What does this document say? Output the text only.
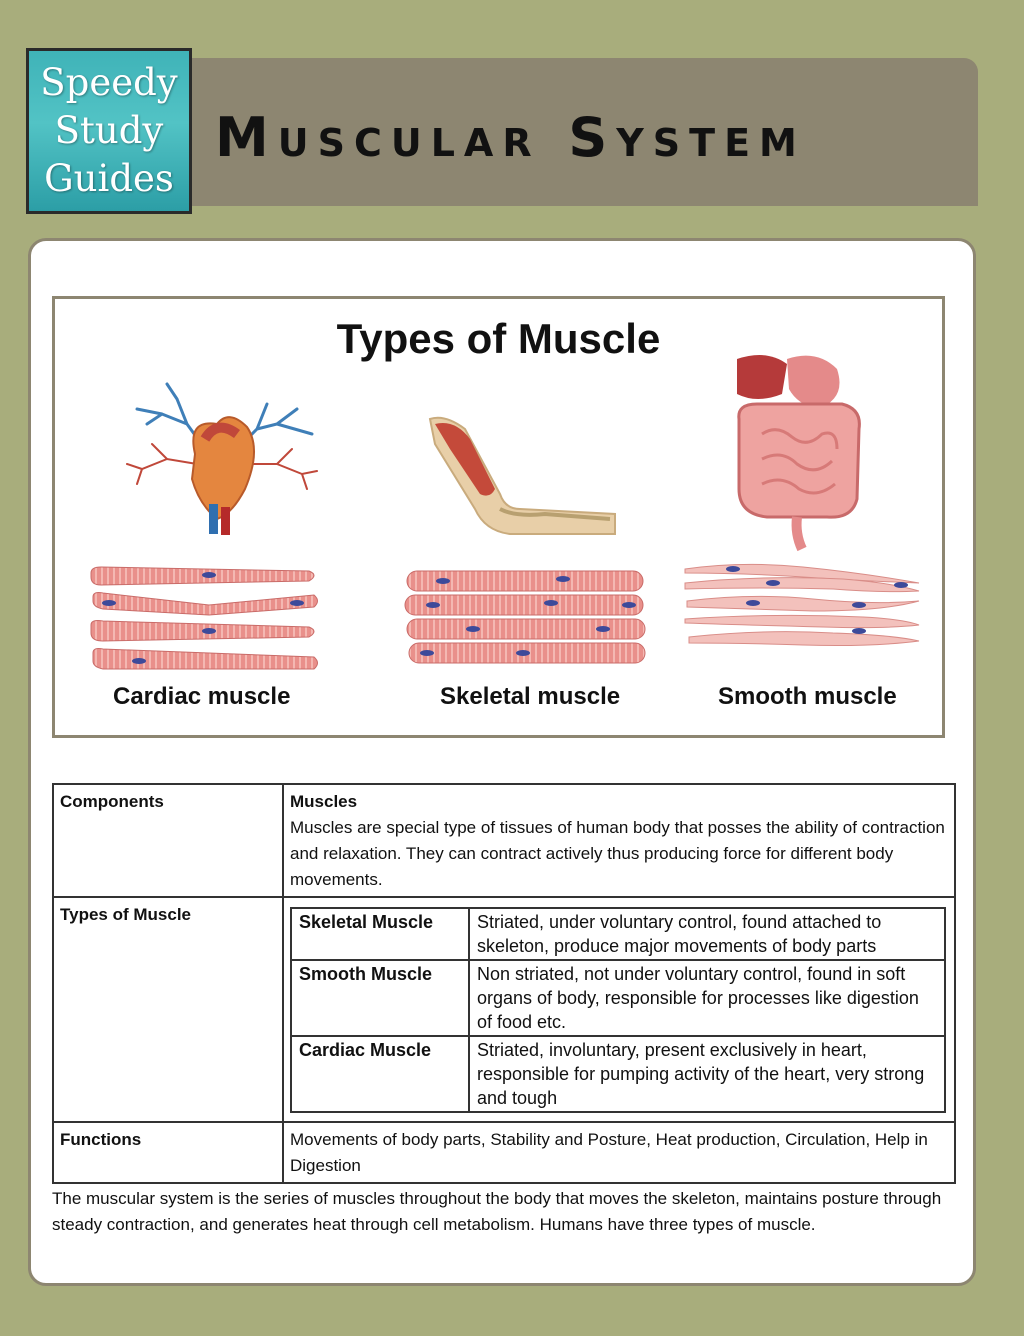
Muscular System
Speedy
Study
Guides
Types of Muscle
Cardiac muscle	Skeletal muscle	Smooth muscle
Components	Muscles
Muscles are special type of tissues of human body that posses the ability of contraction and relaxation. They can contract actively thus producing force for different body movements.

Types of Muscle		Skeletal Muscle	Striated, under voluntary control, found attached to skeleton, produce major movements of body parts
Smooth Muscle	Non striated, not under voluntary control, found in soft organs of body, responsible for processes like digestion of food etc.
Cardiac Muscle	Striated, involuntary, present exclusively in heart, responsible for pumping activity of the heart, very strong and tough

Functions	Movements of body parts, Stability and Posture, Heat production, Circulation, Help in Digestion
The muscular system is the series of muscles throughout the body that moves the skeleton, maintains posture through steady contraction, and generates heat through cell metabolism. Humans have three types of muscle.
